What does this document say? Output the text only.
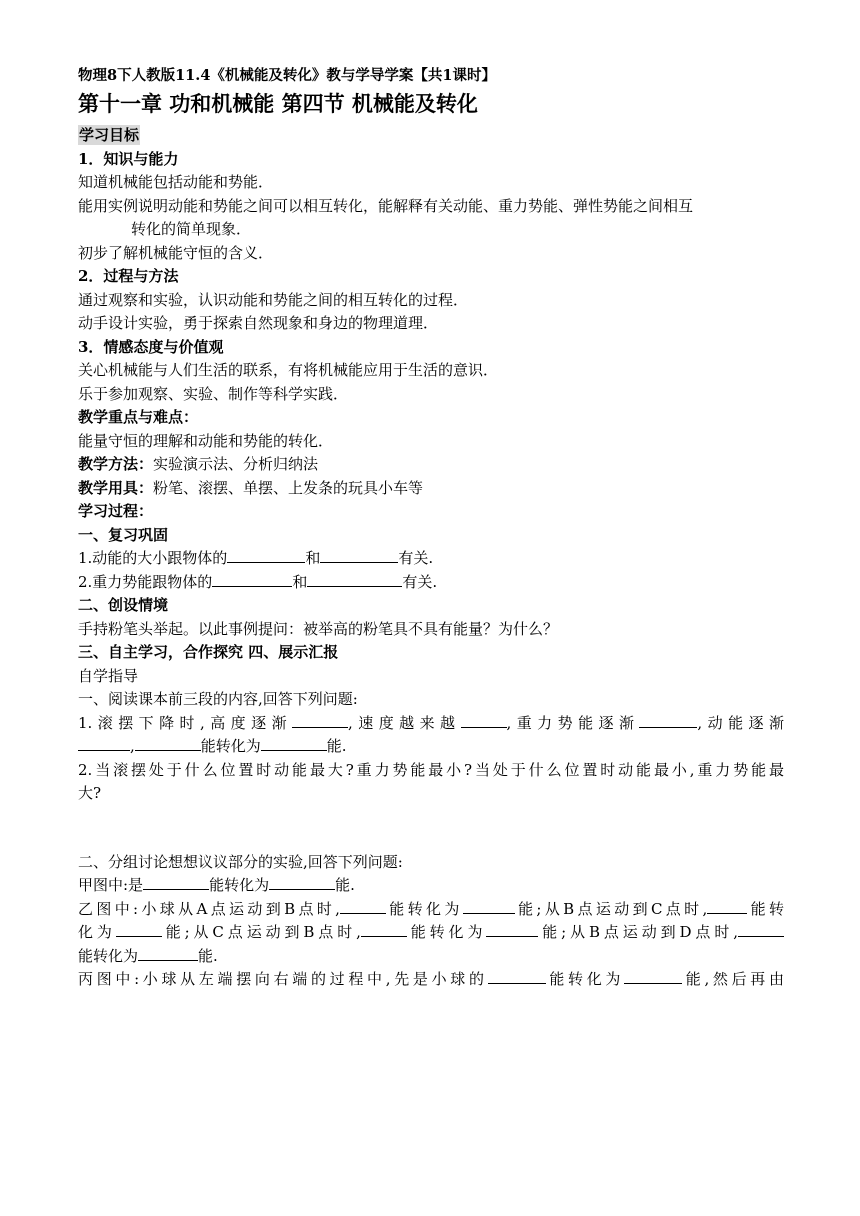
物理8下人教版11.4《机械能及转化》教与学导学案【共1课时】
第十一章 功和机械能 第四节 机械能及转化
学习目标
1．知识与能力
知道机械能包括动能和势能．
能用实例说明动能和势能之间可以相互转化，能解释有关动能、重力势能、弹性势能之间相互
转化的简单现象．
初步了解机械能守恒的含义．
2．过程与方法
通过观察和实验，认识动能和势能之间的相互转化的过程．
动手设计实验，勇于探索自然现象和身边的物理道理．
3．情感态度与价值观
关心机械能与人们生活的联系，有将机械能应用于生活的意识．
乐于参加观察、实验、制作等科学实践．
教学重点与难点：
能量守恒的理解和动能和势能的转化．
教学方法：实验演示法、分析归纳法
教学用具：粉笔、滚摆、单摆、上发条的玩具小车等
学习过程：
一、复习巩固
1.动能的大小跟物体的	和	有关.
2.重力势能跟物体的	和	有关.
二、创设情境
手持粉笔头举起。以此事例提问：被举高的粉笔具不具有能量？为什么？
三、自主学习，合作探究 四、展示汇报
自学指导
一、阅读课本前三段的内容,回答下列问题:
1.滚摆下降时,高度逐渐	,速度越来越	,重力势能逐渐	,动能逐渐
,	能转化为	能.
2.当滚摆处于什么位置时动能最大?重力势能最小?当处于什么位置时动能最小,重力势能最
大?
二、分组讨论想想议议部分的实验,回答下列问题:
甲图中:是	能转化为	能.
乙图中:小球从A点运动到B点时,	能转化为	能;从B点运动到C点时,	能转
化为	能;从C点运动到B点时,	能转化为	能;从B点运动到D点时,
能转化为	能.
丙图中:小球从左端摆向右端的过程中,先是小球的	能转化为	能,然后再由
